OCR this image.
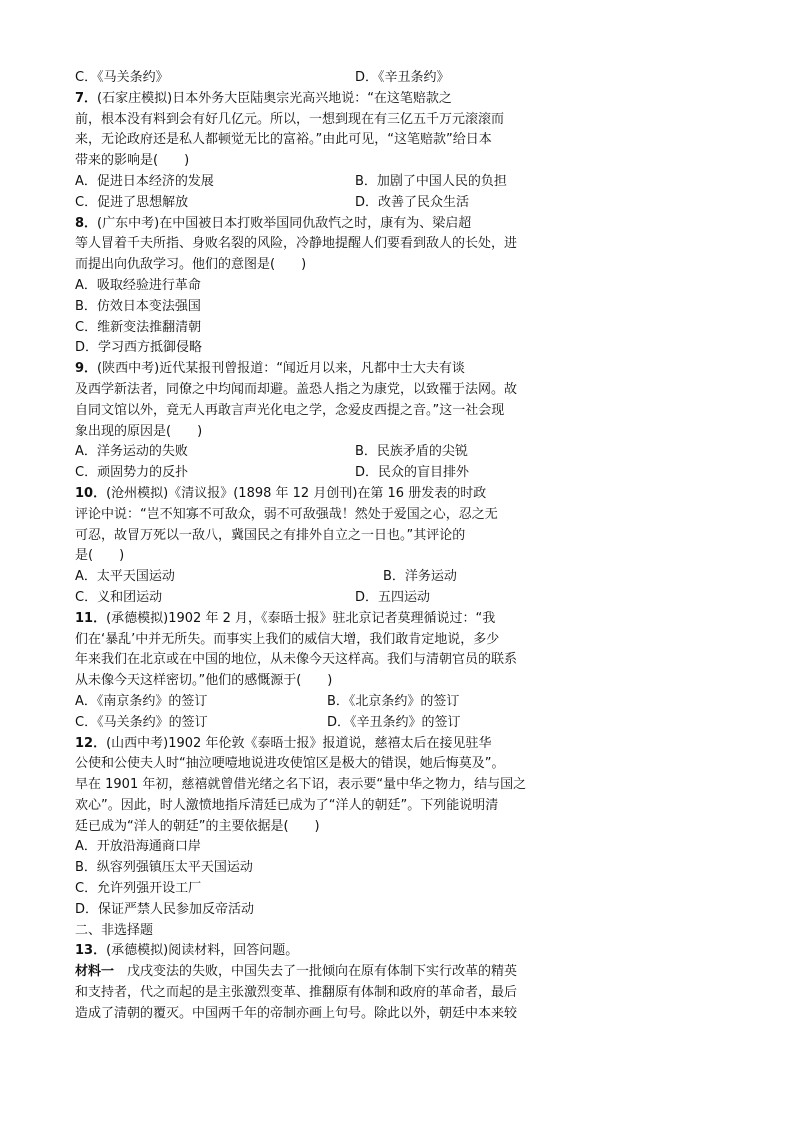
C．《马关条约》	D．《辛丑条约》
7．(石家庄模拟)日本外务大臣陆奥宗光高兴地说：“在这笔赔款之
前，根本没有料到会有好几亿元。所以，一想到现在有三亿五千万元滚滚而
来，无论政府还是私人都顿觉无比的富裕。”由此可见，“这笔赔款”给日本
带来的影响是(　　)
A．促进日本经济的发展	B．加剧了中国人民的负担
C．促进了思想解放	D．改善了民众生活
8．(广东中考)在中国被日本打败举国同仇敌忾之时，康有为、梁启超
等人冒着千夫所指、身败名裂的风险，冷静地提醒人们要看到敌人的长处，进
而提出向仇敌学习。他们的意图是(　　)
A．吸取经验进行革命
B．仿效日本变法强国
C．维新变法推翻清朝
D．学习西方抵御侵略
9．(陕西中考)近代某报刊曾报道：“闻近月以来，凡都中士大夫有谈
及西学新法者，同僚之中均闻而却避。盖恐人指之为康党，以致罹于法网。故
自同文馆以外，竟无人再敢言声光化电之学，念爱皮西提之音。”这一社会现
象出现的原因是(　　)
A．洋务运动的失败	B．民族矛盾的尖锐
C．顽固势力的反扑	D．民众的盲目排外
10．(沧州模拟)《清议报》(1898 年 12 月创刊)在第 16 册发表的时政
评论中说：“岂不知寡不可敌众，弱不可敌强哉！然处于爱国之心，忍之无
可忍，故冒万死以一敌八，冀国民之有排外自立之一日也。”其评论的
是(　　)
A．太平天国运动	B．洋务运动
C．义和团运动	D．五四运动
11．(承德模拟)1902 年 2 月，《泰晤士报》驻北京记者莫理循说过：“我
们在‘暴乱’中并无所失。而事实上我们的威信大增，我们敢肯定地说，多少
年来我们在北京或在中国的地位，从未像今天这样高。我们与清朝官员的联系
从未像今天这样密切。”他们的感慨源于(　　)
A．《南京条约》的签订	B．《北京条约》的签订
C．《马关条约》的签订	D．《辛丑条约》的签订
12．(山西中考)1902 年伦敦《泰晤士报》报道说，慈禧太后在接见驻华
公使和公使夫人时“抽泣哽噎地说进攻使馆区是极大的错误，她后悔莫及”。
早在 1901 年初，慈禧就曾借光绪之名下诏，表示要“量中华之物力，结与国之
欢心”。因此，时人激愤地指斥清廷已成为了“洋人的朝廷”。下列能说明清
廷已成为“洋人的朝廷”的主要依据是(　　)
A．开放沿海通商口岸
B．纵容列强镇压太平天国运动
C．允许列强开设工厂
D．保证严禁人民参加反帝活动
二、非选择题
13．(承德模拟)阅读材料，回答问题。
材料一　戊戌变法的失败，中国失去了一批倾向在原有体制下实行改革的精英
和支持者，代之而起的是主张激烈变革、推翻原有体制和政府的革命者，最后
造成了清朝的覆灭。中国两千年的帝制亦画上句号。除此以外，朝廷中本来较
